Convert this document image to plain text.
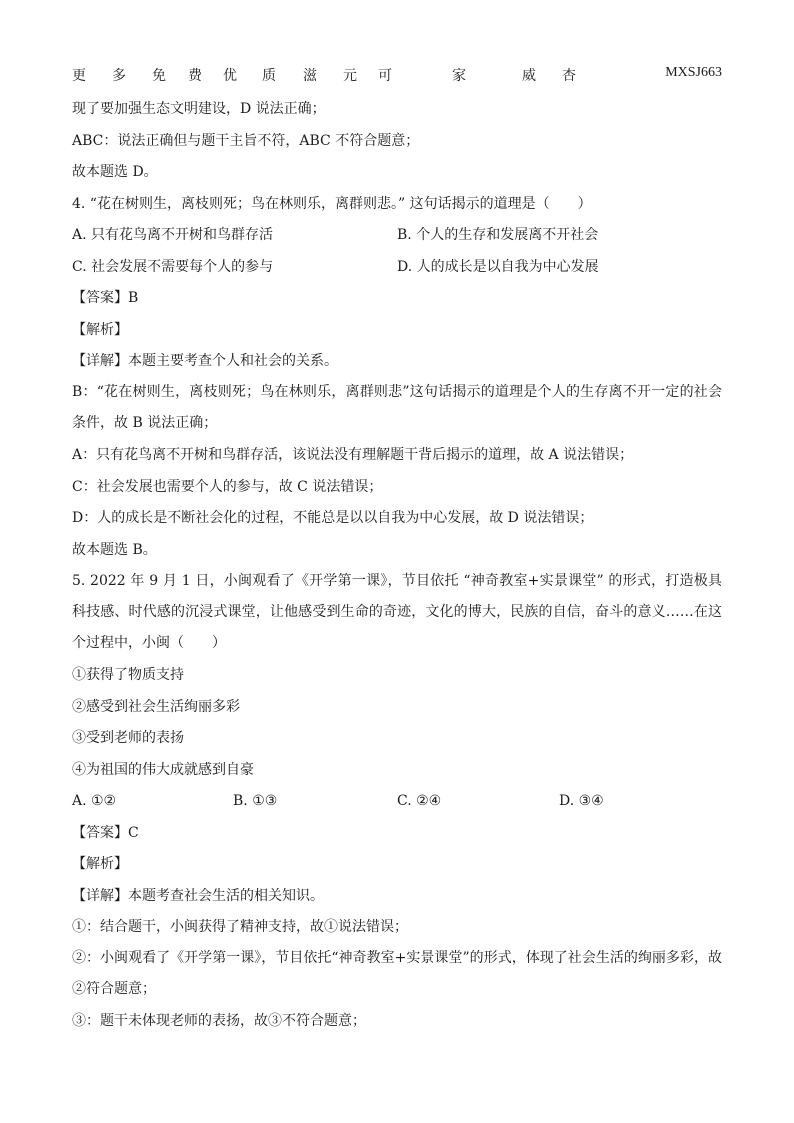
更 多 免 费 优 质 滋 元 可	家	威 杏	MXSJ663
现了要加强生态文明建设，D 说法正确；
ABC：说法正确但与题干主旨不符，ABC 不符合题意；
故本题选 D。
4. “花在树则生，离枝则死；鸟在林则乐，离群则悲。” 这句话揭示的道理是（　　）
A. 只有花鸟离不开树和鸟群存活	B. 个人的生存和发展离不开社会
C. 社会发展不需要每个人的参与	D. 人的成长是以自我为中心发展
【答案】B
【解析】
【详解】本题主要考查个人和社会的关系。
B：“花在树则生，离枝则死；鸟在林则乐，离群则悲”这句话揭示的道理是个人的生存离不开一定的社会条件，故 B 说法正确；
A：只有花鸟离不开树和鸟群存活，该说法没有理解题干背后揭示的道理，故 A 说法错误；
C：社会发展也需要个人的参与，故 C 说法错误；
D：人的成长是不断社会化的过程，不能总是以以自我为中心发展，故 D 说法错误；
故本题选 B。
5. 2022 年 9 月 1 日，小闽观看了《开学第一课》，节目依托 “神奇教室+实景课堂” 的形式，打造极具科技感、时代感的沉浸式课堂，让他感受到生命的奇迹，文化的博大，民族的自信，奋斗的意义……在这个过程中，小闽（　　）
①获得了物质支持
②感受到社会生活绚丽多彩
③受到老师的表扬
④为祖国的伟大成就感到自豪
A. ①②	B. ①③	C. ②④	D. ③④
【答案】C
【解析】
【详解】本题考查社会生活的相关知识。
①：结合题干，小闽获得了精神支持，故①说法错误；
②：小闽观看了《开学第一课》，节目依托“神奇教室+实景课堂”的形式，体现了社会生活的绚丽多彩，故②符合题意；
③：题干未体现老师的表扬，故③不符合题意；
